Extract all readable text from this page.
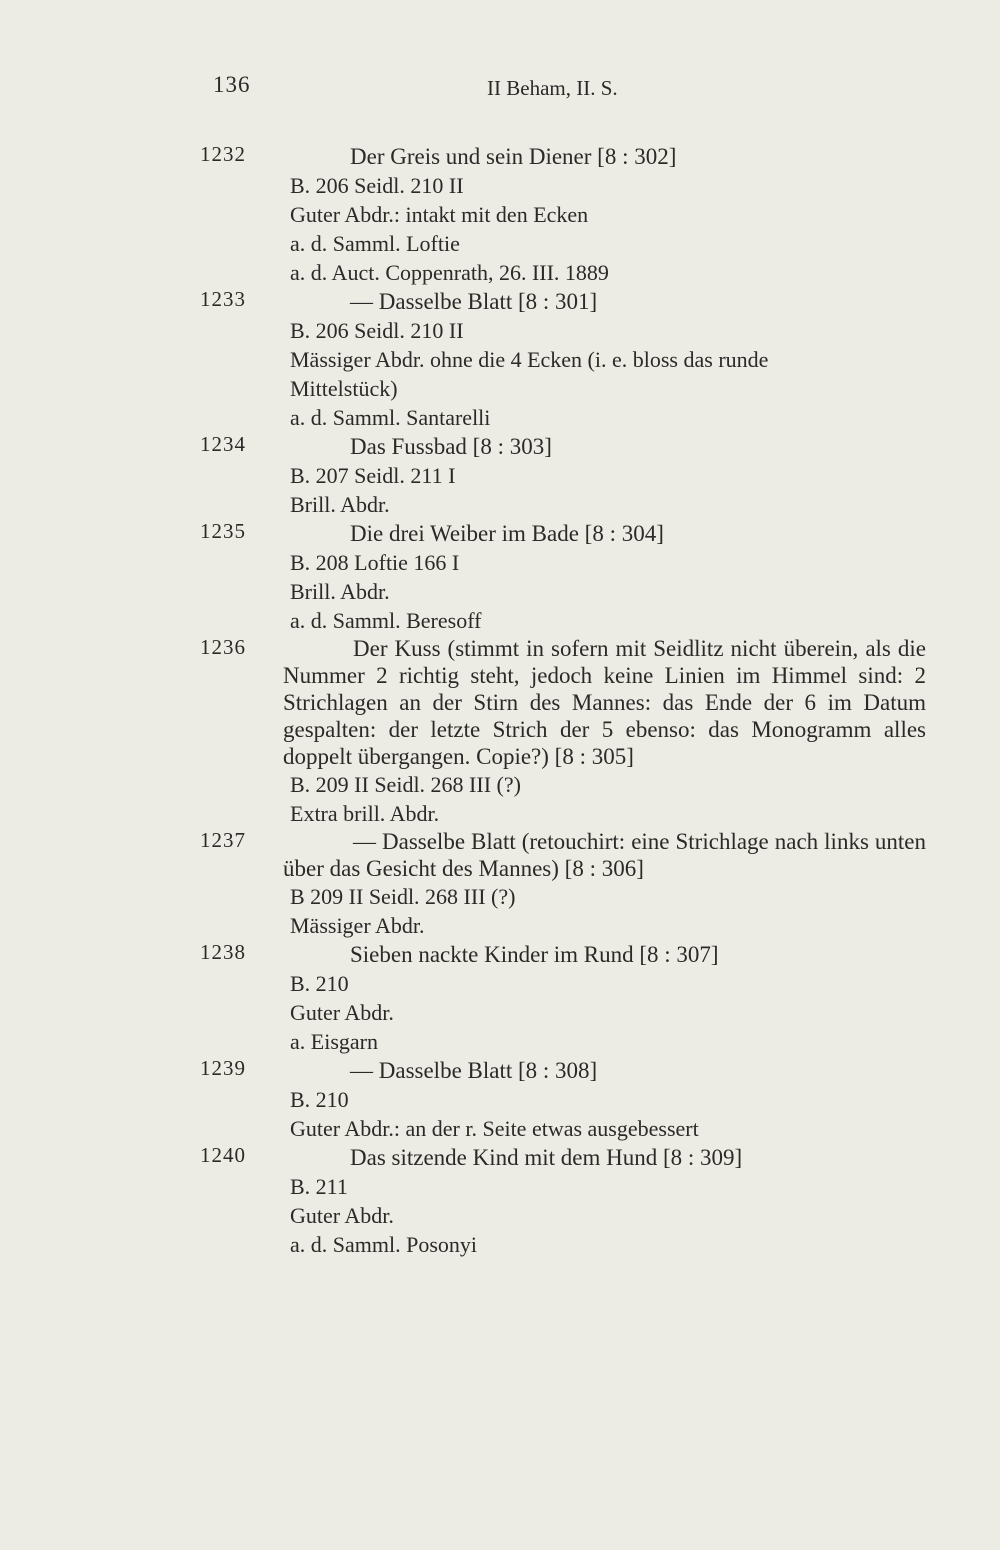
136	II Beham, II. S.
1232	Der Greis und sein Diener [8 : 302]
B. 206 Seidl. 210 II
Guter Abdr.: intakt mit den Ecken
a. d. Samml. Loftie
a. d. Auct. Coppenrath, 26. III. 1889
1233	— Dasselbe Blatt [8 : 301]
B. 206 Seidl. 210 II
Mässiger Abdr. ohne die 4 Ecken (i. e. bloss das runde
Mittelstück)
a. d. Samml. Santarelli
1234	Das Fussbad [8 : 303]
B. 207 Seidl. 211 I
Brill. Abdr.
1235	Die drei Weiber im Bade [8 : 304]
B. 208 Loftie 166 I
Brill. Abdr.
a. d. Samml. Beresoff
1236	Der Kuss (stimmt in sofern mit Seidlitz nicht überein, als die Nummer 2 richtig steht, jedoch keine Linien im Himmel sind: 2 Strichlagen an der Stirn des Mannes: das Ende der 6 im Datum gespalten: der letzte Strich der 5 ebenso: das Monogramm alles doppelt übergangen. Copie?) [8 : 305]
B. 209 II Seidl. 268 III (?)
Extra brill. Abdr.
1237	— Dasselbe Blatt (retouchirt: eine Strichlage nach links unten über das Gesicht des Mannes) [8 : 306]
B 209 II Seidl. 268 III (?)
Mässiger Abdr.
1238	Sieben nackte Kinder im Rund [8 : 307]
B. 210
Guter Abdr.
a. Eisgarn
1239	— Dasselbe Blatt [8 : 308]
B. 210
Guter Abdr.: an der r. Seite etwas ausgebessert
1240	Das sitzende Kind mit dem Hund [8 : 309]
B. 211
Guter Abdr.
a. d. Samml. Posonyi
